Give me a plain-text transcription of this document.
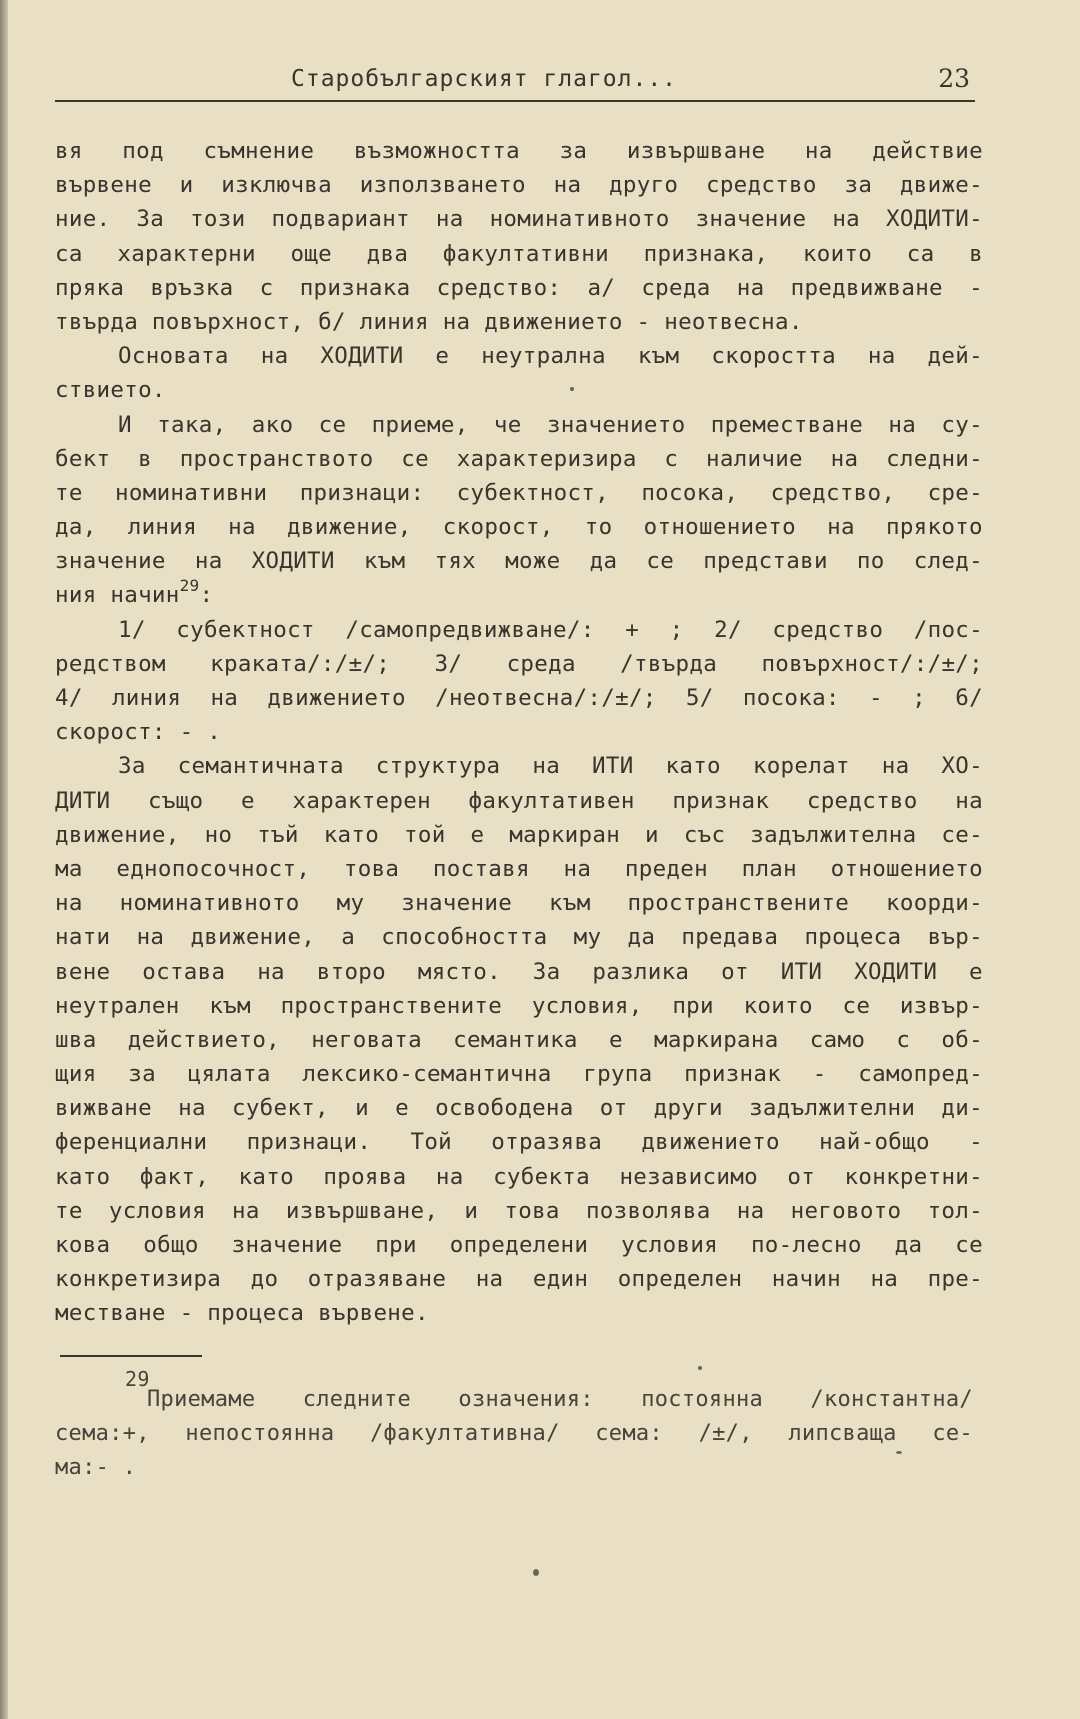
Старобългарският глагол...	23
вя под съмнение възможността за извършване на действие
вървене и изключва използването на друго средство за движе-
ние. За този подвариант на номинативното значение на ХОДИТИ-
са характерни още два факултативни признака, които са в
пряка връзка с признака средство: а/ среда на предвижване -
твърда повърхност, б/ линия на движението - неотвесна.
Основата на ХОДИТИ е неутрална към скоростта на дей-
ствието.
И така, ако се приеме, че значението преместване на су-
бект в пространството се характеризира с наличие на следни-
те номинативни признаци: субектност, посока, средство, сре-
да, линия на движение, скорост, то отношението на прякото
значение на ХОДИТИ към тях може да се представи по след-
ния начин 29 :
1/ субектност /самопредвижване/: + ; 2/ средство /пос-
редством краката/:/±/; 3/ среда /твърда повърхност/:/±/;
4/ линия на движението /неотвесна/:/±/; 5/ посока: - ; 6/
скорост: - .
За семантичната структура на ИТИ като корелат на ХО-
ДИТИ също е характерен факултативен признак средство на
движение, но тъй като той е маркиран и със задължителна се-
ма еднопосочност, това поставя на преден план отношението
на номинативното му значение към пространствените коорди-
нати на движение, а способността му да предава процеса вър-
вене остава на второ място. За разлика от ИТИ ХОДИТИ е
неутрален към пространствените условия, при които се извър-
шва действието, неговата семантика е маркирана само с об-
щия за цялата лексико-семантична група признак - самопред-
вижване на субект, и е освободена от други задължителни ди-
ференциални признаци. Той отразява движението най-общо -
като факт, като проява на субекта независимо от конкретни-
те условия на извършване, и това позволява на неговото тол-
кова общо значение при определени условия по-лесно да се
конкретизира до отразяване на един определен начин на пре-
местване - процеса вървене.
29
Приемаме следните означения: постоянна /константна/
сема:+, непостоянна /факултативна/ сема: /±/, липсваща се-
ма:- .
